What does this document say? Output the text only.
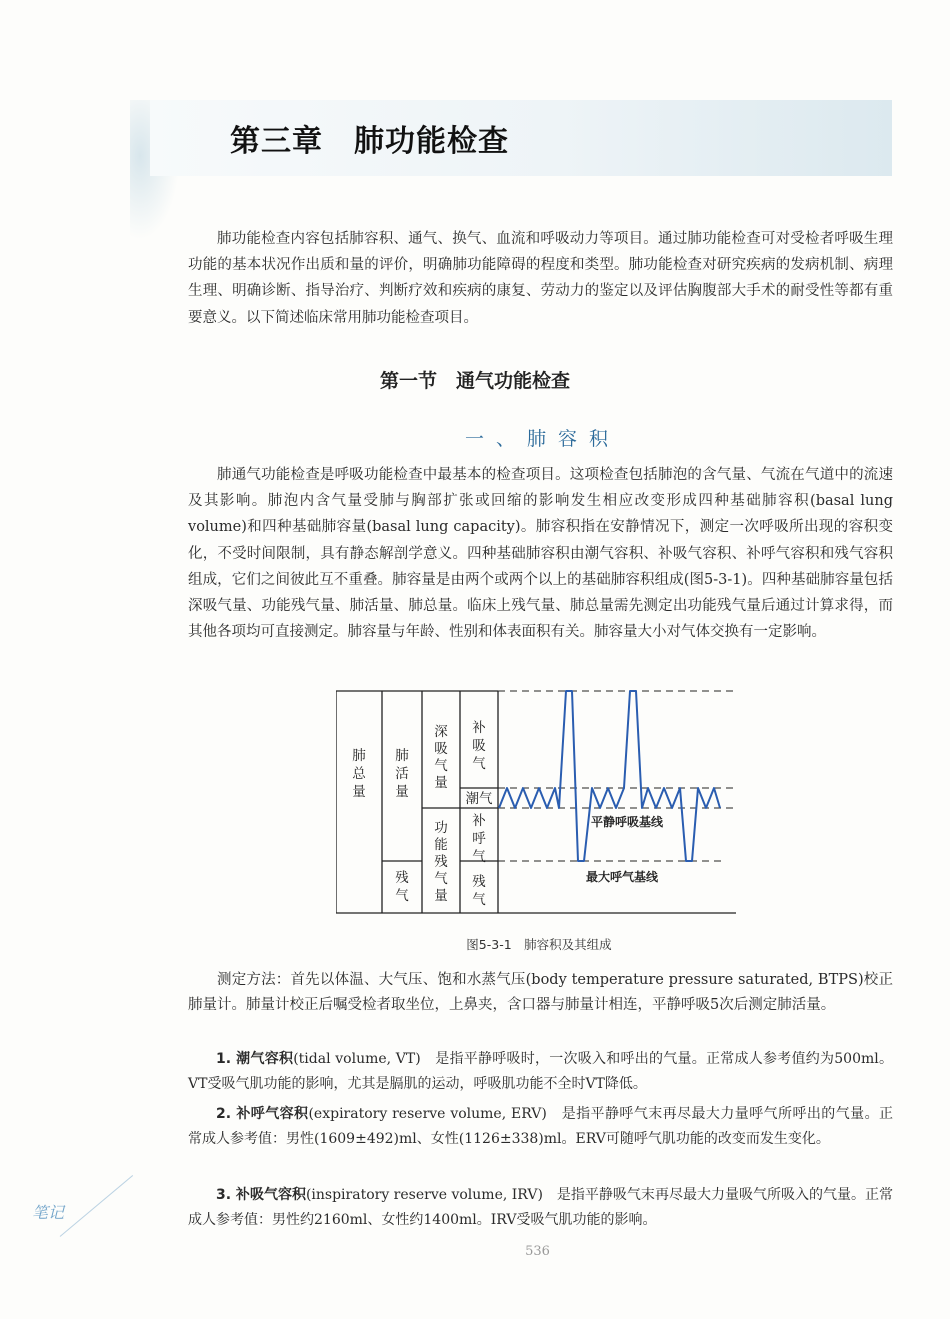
第三章　肺功能检查

肺功能检查内容包括肺容积、通气、换气、血流和呼吸动力等项目。通过肺功能检查可对受检者呼吸生理功能的基本状况作出质和量的评价，明确肺功能障碍的程度和类型。肺功能检查对研究疾病的发病机制、病理生理、明确诊断、指导治疗、判断疗效和疾病的康复、劳动力的鉴定以及评估胸腹部大手术的耐受性等都有重要意义。以下简述临床常用肺功能检查项目。

第一节　通气功能检查
一、肺容积

肺通气功能检查是呼吸功能检查中最基本的检查项目。这项检查包括肺泡的含气量、气流在气道中的流速及其影响。肺泡内含气量受肺与胸部扩张或回缩的影响发生相应改变形成四种基础肺容积(basal lung volume)和四种基础肺容量(basal lung capacity)。肺容积指在安静情况下，测定一次呼吸所出现的容积变化，不受时间限制，具有静态解剖学意义。四种基础肺容积由潮气容积、补吸气容积、补呼气容积和残气容积组成，它们之间彼此互不重叠。肺容量是由两个或两个以上的基础肺容积组成(图5-3-1)。四种基础肺容量包括深吸气量、功能残气量、肺活量、肺总量。临床上残气量、肺总量需先测定出功能残气量后通过计算求得，而其他各项均可直接测定。肺容量与年龄、性别和体表面积有关。肺容量大小对气体交换有一定影响。

肺
总
量
肺
活
量
残
气
深
吸
气
量
功
能
残
气
量
补
吸
气
潮气
补
呼
气
残
气
平静呼吸基线
最大呼气基线
图5-3-1　肺容积及其组成

测定方法：首先以体温、大气压、饱和水蒸气压(body temperature pressure saturated, BTPS)校正肺量计。肺量计校正后嘱受检者取坐位，上鼻夹，含口器与肺量计相连，平静呼吸5次后测定肺活量。

1. 潮气容积(tidal volume, VT)　是指平静呼吸时，一次吸入和呼出的气量。正常成人参考值约为500ml。VT受吸气肌功能的影响，尤其是膈肌的运动，呼吸肌功能不全时VT降低。
2. 补呼气容积(expiratory reserve volume, ERV)　是指平静呼气末再尽最大力量呼气所呼出的气量。正常成人参考值：男性(1609±492)ml、女性(1126±338)ml。ERV可随呼气肌功能的改变而发生变化。
3. 补吸气容积(inspiratory reserve volume, IRV)　是指平静吸气末再尽最大力量吸气所吸入的气量。正常成人参考值：男性约2160ml、女性约1400ml。IRV受吸气肌功能的影响。
笔记
536
